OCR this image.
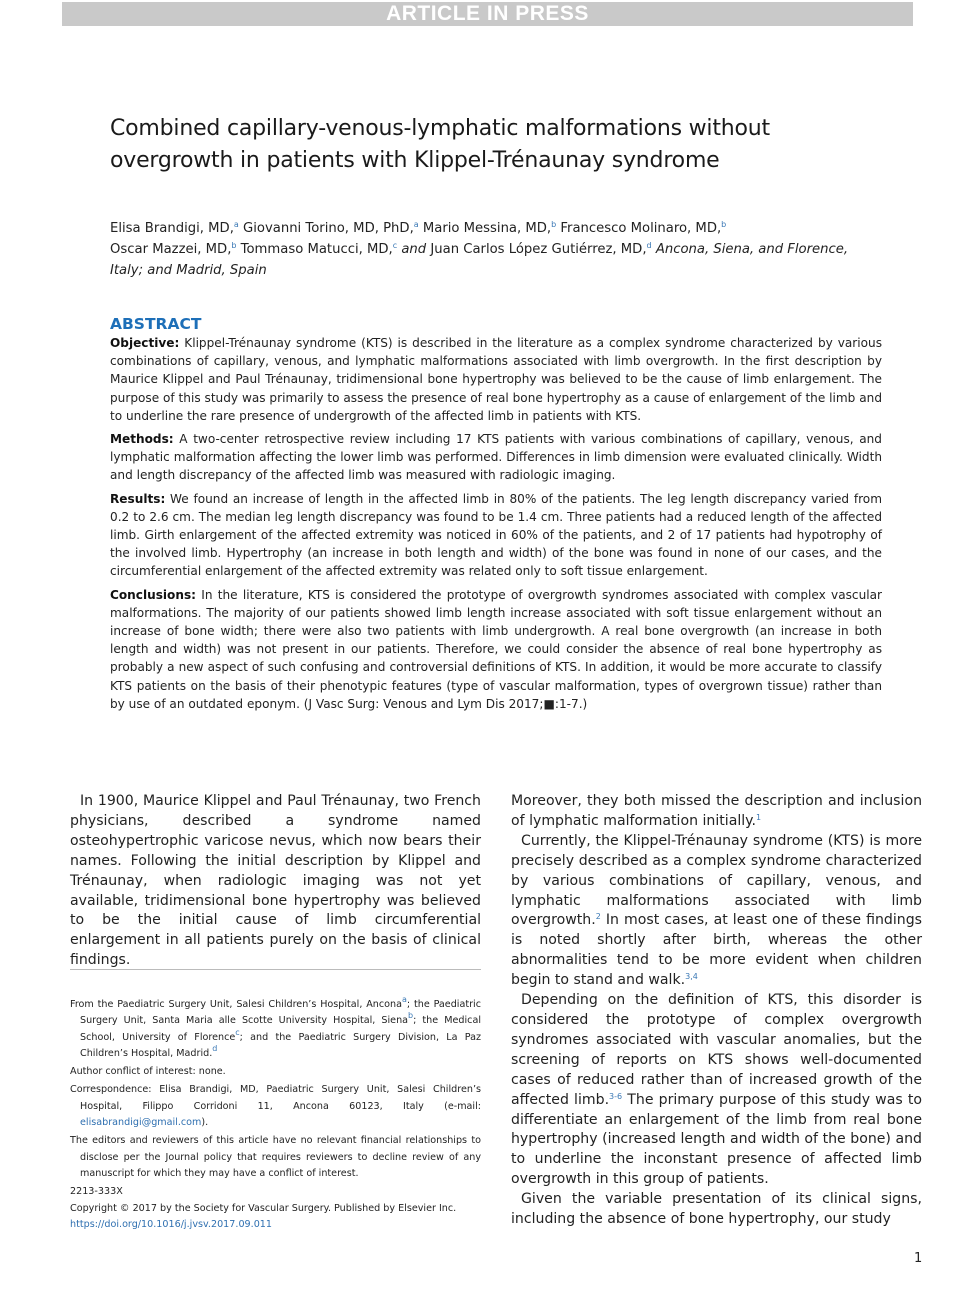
ARTICLE IN PRESS
Combined capillary-venous-lymphatic malformations without overgrowth in patients with Klippel-Trénaunay syndrome
Elisa Brandigi, MD,$^a$ Giovanni Torino, MD, PhD,$^a$ Mario Messina, MD,$^b$ Francesco Molinaro, MD,$^b$
Oscar Mazzei, MD,$^b$ Tommaso Matucci, MD,$^c$ and Juan Carlos López Gutiérrez, MD,$^d$ Ancona, Siena, and Florence, Italy; and Madrid, Spain
ABSTRACT

Objective: Klippel-Trénaunay syndrome (KTS) is described in the literature as a complex syndrome characterized by various combinations of capillary, venous, and lymphatic malformations associated with limb overgrowth. In the first description by Maurice Klippel and Paul Trénaunay, tridimensional bone hypertrophy was believed to be the cause of limb enlargement. The purpose of this study was primarily to assess the presence of real bone hypertrophy as a cause of enlargement of the limb and to underline the rare presence of undergrowth of the affected limb in patients with KTS.

Methods: A two-center retrospective review including 17 KTS patients with various combinations of capillary, venous, and lymphatic malformation affecting the lower limb was performed. Differences in limb dimension were evaluated clinically. Width and length discrepancy of the affected limb was measured with radiologic imaging.

Results: We found an increase of length in the affected limb in 80% of the patients. The leg length discrepancy varied from 0.2 to 2.6 cm. The median leg length discrepancy was found to be 1.4 cm. Three patients had a reduced length of the affected limb. Girth enlargement of the affected extremity was noticed in 60% of the patients, and 2 of 17 patients had hypotrophy of the involved limb. Hypertrophy (an increase in both length and width) of the bone was found in none of our cases, and the circumferential enlargement of the affected extremity was related only to soft tissue enlargement.

Conclusions: In the literature, KTS is considered the prototype of overgrowth syndromes associated with complex vascular malformations. The majority of our patients showed limb length increase associated with soft tissue enlargement without an increase of bone width; there were also two patients with limb undergrowth. A real bone overgrowth (an increase in both length and width) was not present in our patients. Therefore, we could consider the absence of real bone hypertrophy as probably a new aspect of such confusing and controversial definitions of KTS. In addition, it would be more accurate to classify KTS patients on the basis of their phenotypic features (type of vascular malformation, types of overgrown tissue) rather than by use of an outdated eponym. (J Vasc Surg: Venous and Lym Dis 2017;■:1-7.)

In 1900, Maurice Klippel and Paul Trénaunay, two French physicians, described a syndrome named osteohypertrophic varicose nevus, which now bears their names. Following the initial description by Klippel and Trénaunay, when radiologic imaging was not yet available, tridimensional bone hypertrophy was believed to be the initial cause of limb circumferential enlargement in all patients purely on the basis of clinical findings.

From the Paediatric Surgery Unit, Salesi Children’s Hospital, Ancona$^a$; the Paediatric Surgery Unit, Santa Maria alle Scotte University Hospital, Siena$^b$; the Medical School, University of Florence$^c$; and the Paediatric Surgery Division, La Paz Children’s Hospital, Madrid.$^d$

Author conflict of interest: none.

Correspondence: Elisa Brandigi, MD, Paediatric Surgery Unit, Salesi Children’s Hospital, Filippo Corridoni 11, Ancona 60123, Italy (e-mail: elisabrandigi@gmail.com).

The editors and reviewers of this article have no relevant financial relationships to disclose per the Journal policy that requires reviewers to decline review of any manuscript for which they may have a conflict of interest.

2213-333X

Copyright © 2017 by the Society for Vascular Surgery. Published by Elsevier Inc.

https://doi.org/10.1016/j.jvsv.2017.09.011

Moreover, they both missed the description and inclusion of lymphatic malformation initially.$^1$

Currently, the Klippel-Trénaunay syndrome (KTS) is more precisely described as a complex syndrome characterized by various combinations of capillary, venous, and lymphatic malformations associated with limb overgrowth.$^2$ In most cases, at least one of these findings is noted shortly after birth, whereas the other abnormalities tend to be more evident when children begin to stand and walk.$^{3,4}$

Depending on the definition of KTS, this disorder is considered the prototype of complex overgrowth syndromes associated with vascular anomalies, but the screening of reports on KTS shows well-documented cases of reduced rather than of increased growth of the affected limb.$^{3-6}$ The primary purpose of this study was to differentiate an enlargement of the limb from real bone hypertrophy (increased length and width of the bone) and to underline the inconstant presence of affected limb overgrowth in this group of patients.

Given the variable presentation of its clinical signs, including the absence of bone hypertrophy, our study

1
